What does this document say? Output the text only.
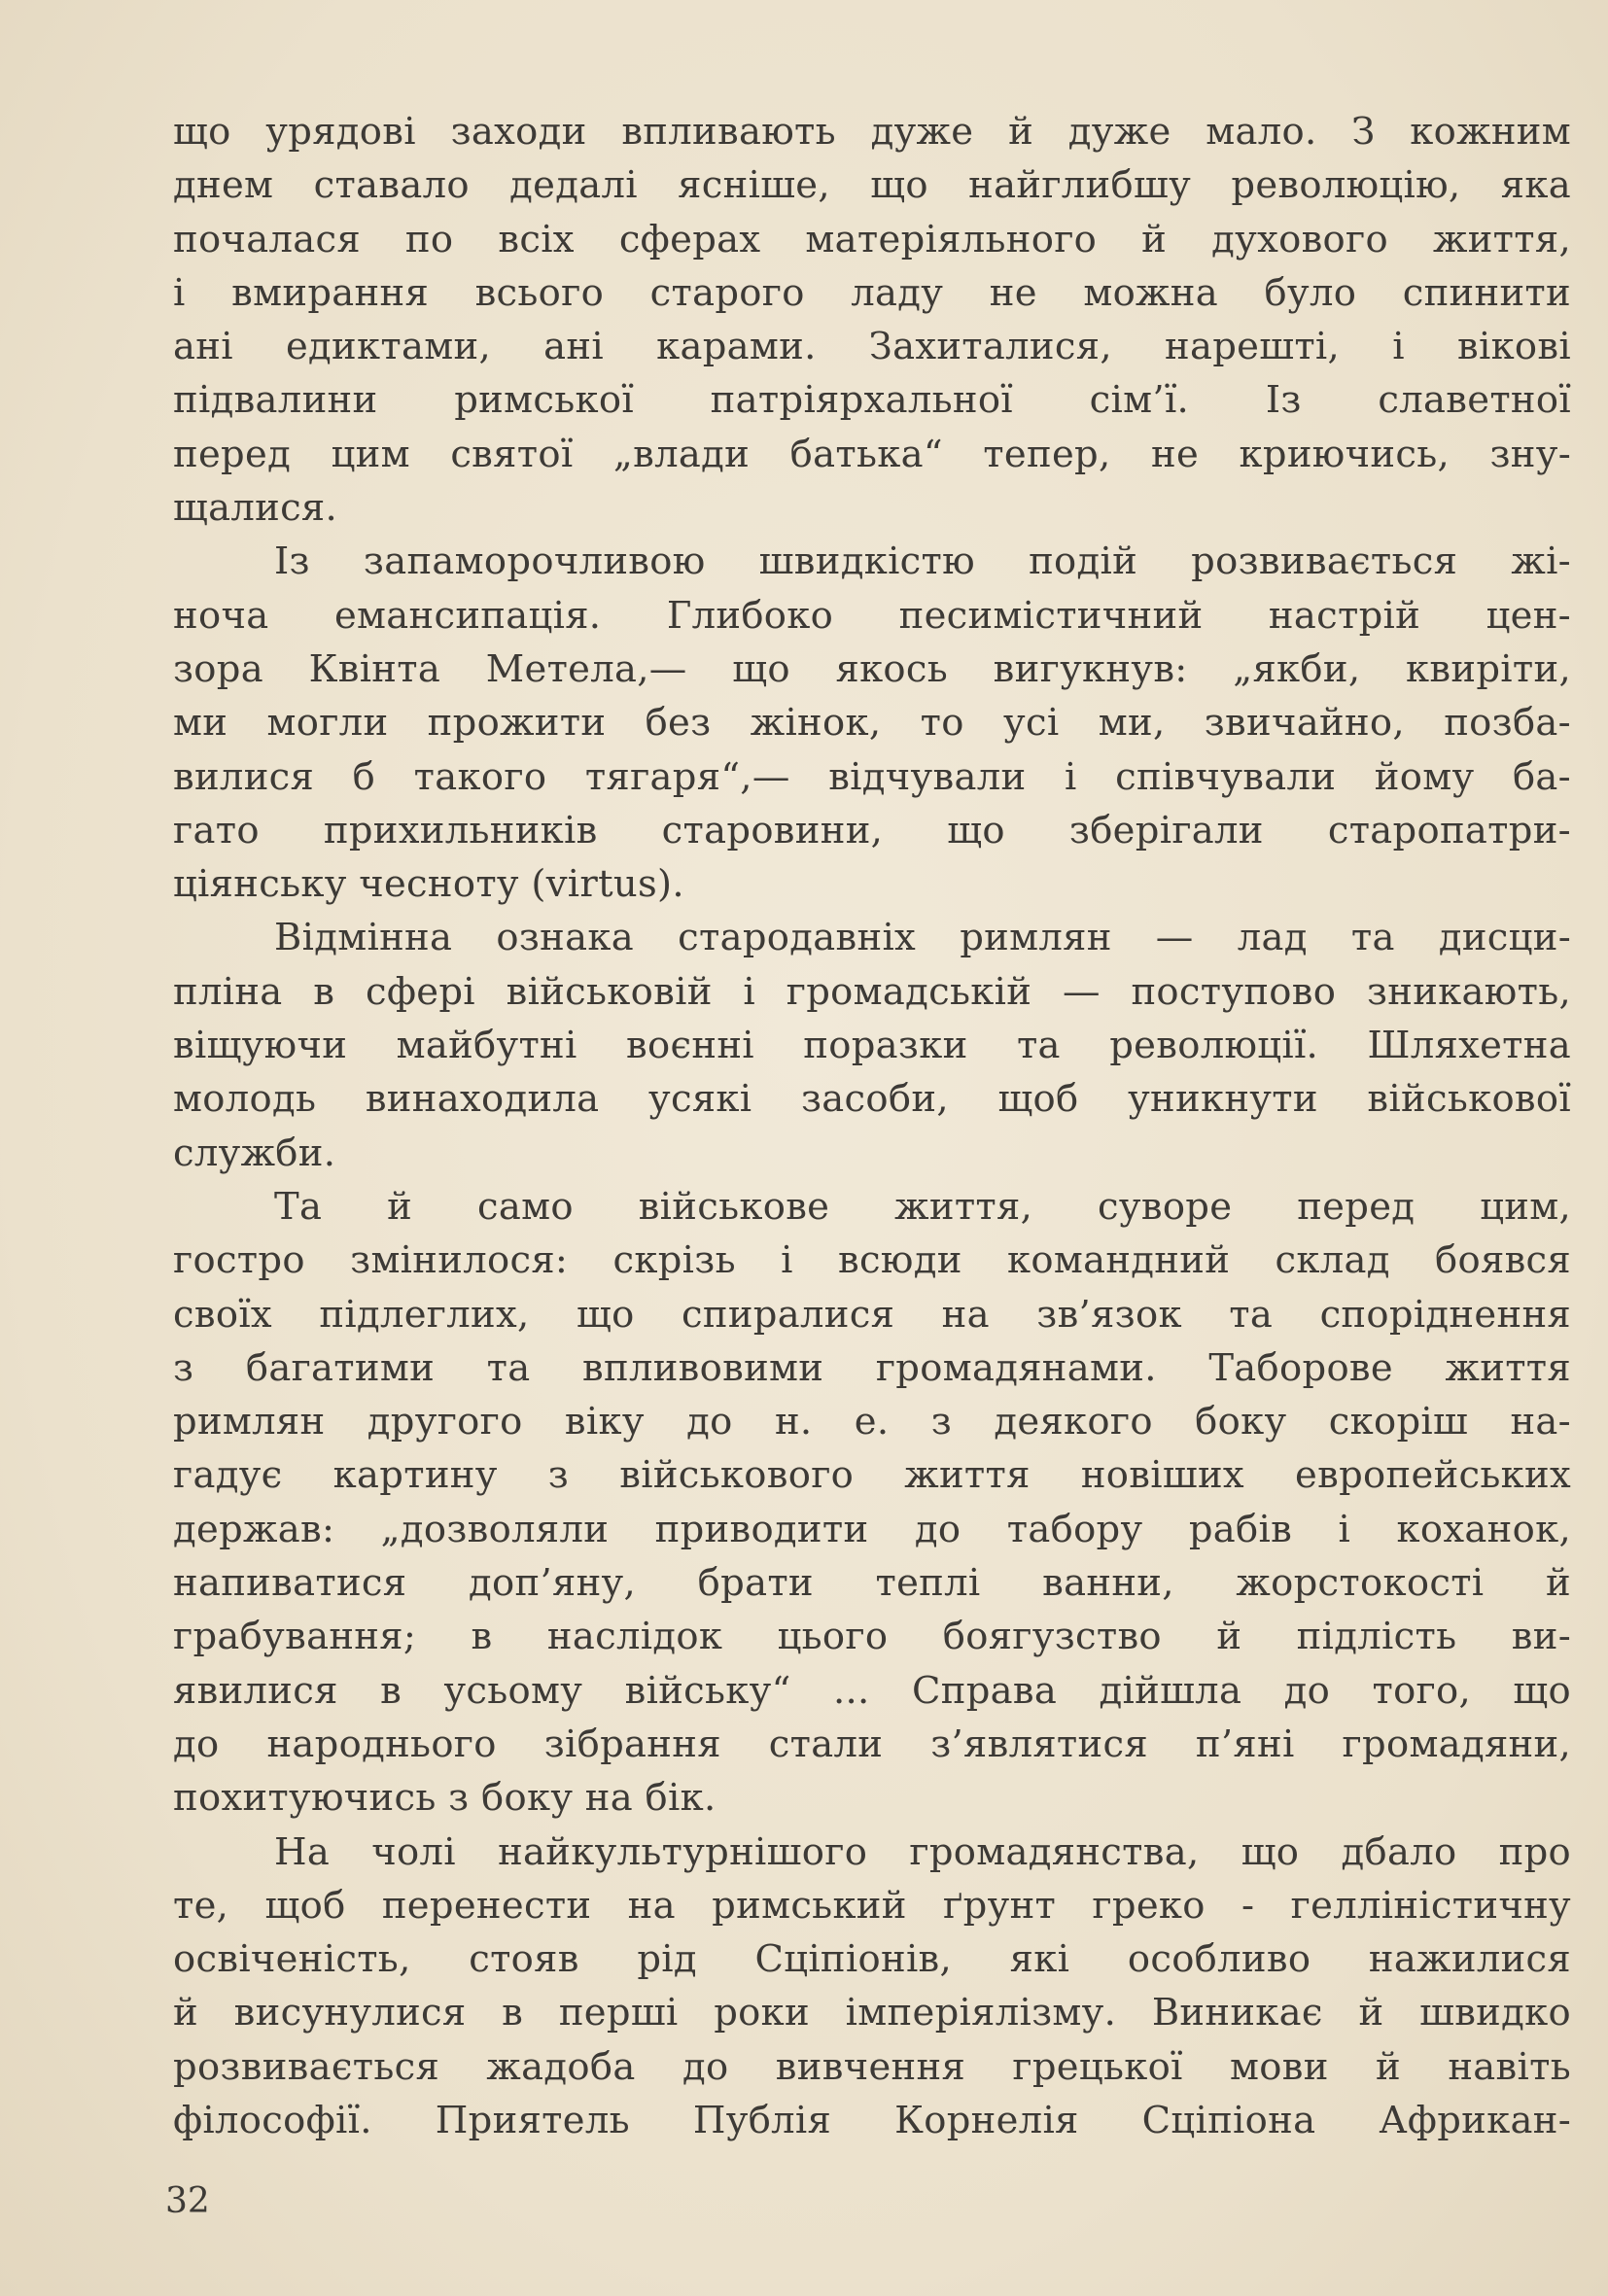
що урядові заходи впливають дуже й дуже мало. З кожним
днем ставало дедалі ясніше, що найглибшу революцію, яка
почалася по всіх сферах матеріяльного й духового життя,
і вмирання всього старого ладу не можна було спинити
ані едиктами, ані карами. Захиталися, нарешті, і вікові
підвалини римської патріярхальної сім’ї. Із славетної
перед цим святої „влади батька“ тепер, не криючись, зну-
щалися.
Із запаморочливою швидкістю подій розвивається жі-
ноча емансипація. Глибоко песимістичний настрій цен-
зора Квінта Метела,— що якось вигукнув: „якби, квиріти,
ми могли прожити без жінок, то усі ми, звичайно, позба-
вилися б такого тягаря“,— відчували і співчували йому ба-
гато прихильників старовини, що зберігали старопатри-
ціянську чесноту (virtus).
Відмінна ознака стародавніх римлян — лад та дисци-
пліна в сфері військовій і громадській — поступово зникають,
віщуючи майбутні воєнні поразки та революції. Шляхетна
молодь винаходила усякі засоби, щоб уникнути військової
служби.
Та й само військове життя, суворе перед цим,
гостро змінилося: скрізь і всюди командний склад боявся
своїх підлеглих, що спиралися на зв’язок та споріднення
з багатими та впливовими громадянами. Таборове життя
римлян другого віку до н. е. з деякого боку скоріш на-
гадує картину з військового життя новіших европейських
держав: „дозволяли приводити до табору рабів і коханок,
напиватися доп’яну, брати теплі ванни, жорстокості й
грабування; в наслідок цього боягузство й підлість ви-
явилися в усьому війську“ ... Справа дійшла до того, що
до народнього зібрання стали з’являтися п’яні громадяни,
похитуючись з боку на бік.
На чолі найкультурнішого громадянства, що дбало про
те, щоб перенести на римський ґрунт греко - гелліністичну
освіченість, стояв рід Сціпіонів, які особливо нажилися
й висунулися в перші роки імперіялізму. Виникає й швидко
розвивається жадоба до вивчення грецької мови й навіть
філософії. Приятель Публія Корнелія Сціпіона Африкан-
32
